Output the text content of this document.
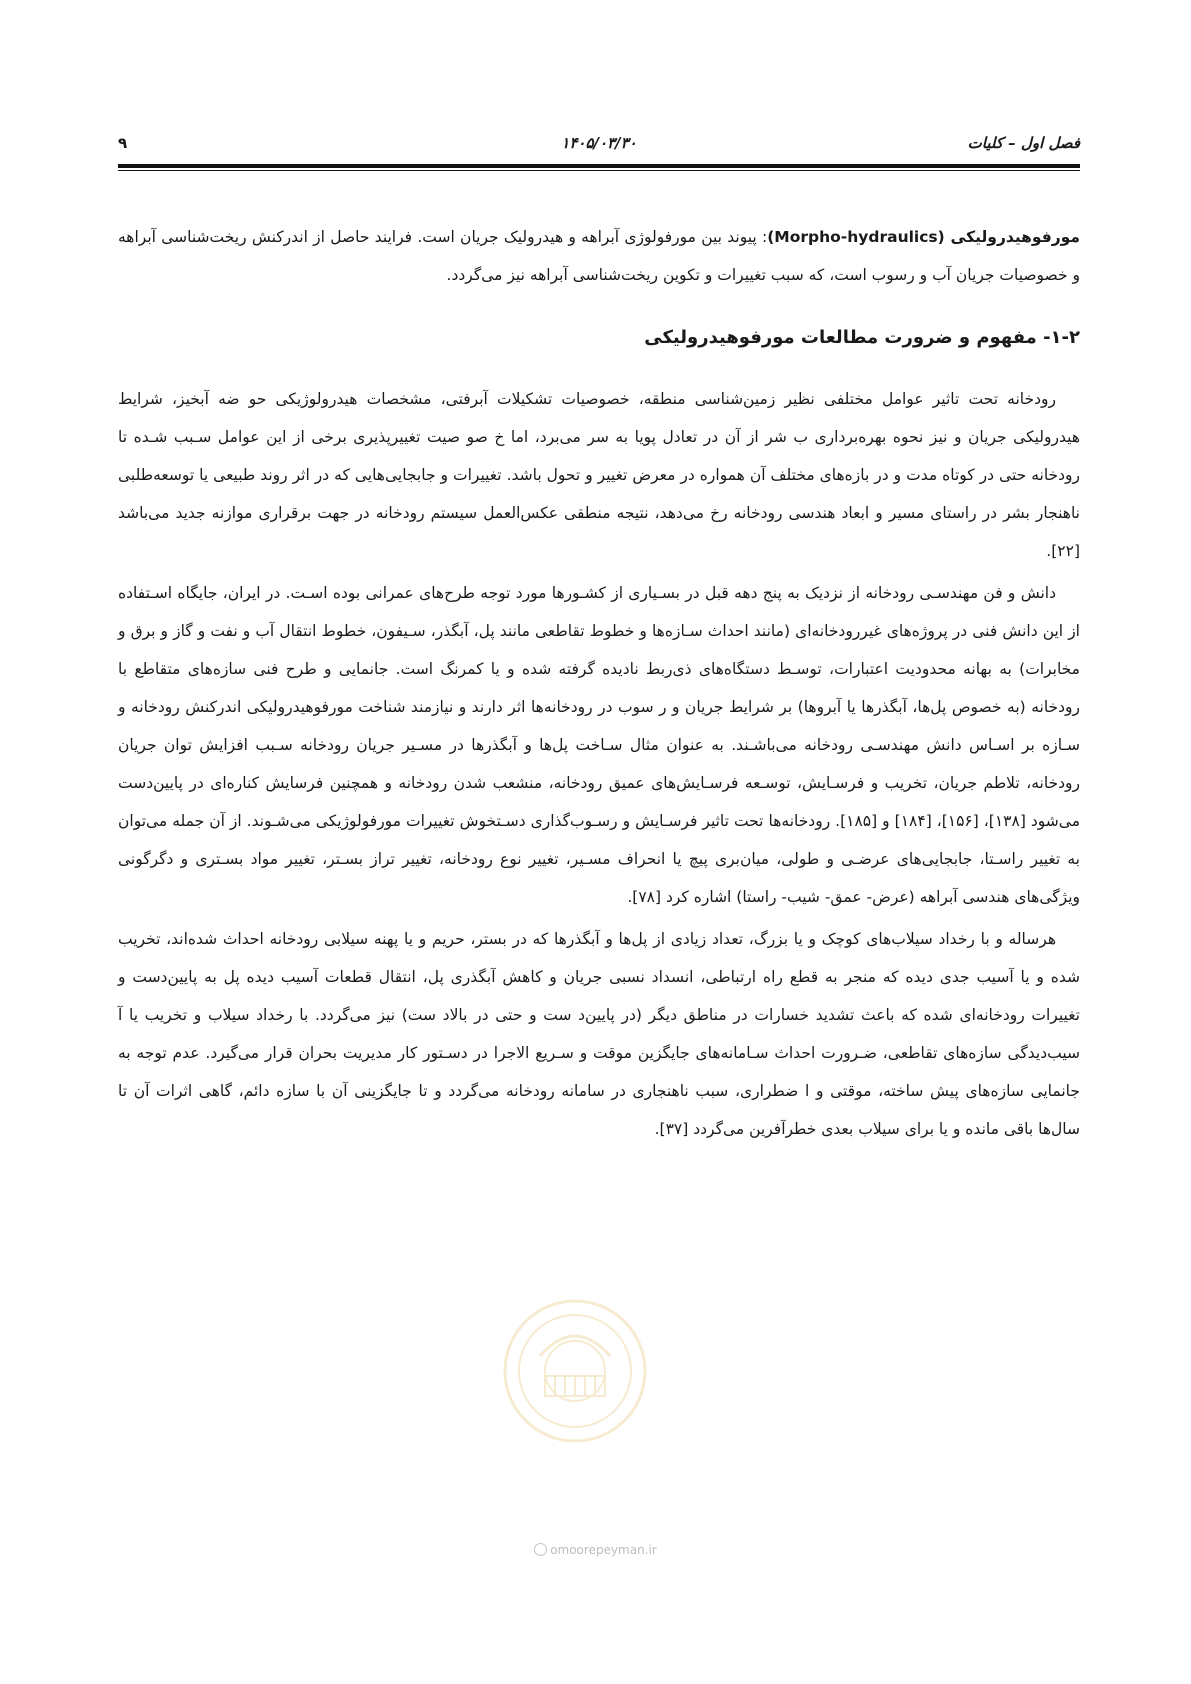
فصل اول – کلیات
۱۴۰۵/۰۳/۳۰
۹

مورفوهیدرولیکی (Morpho-hydraulics): پیوند بین مورفولوژی آبراهه و هیدرولیک جریان است. فرایند حاصل از اندرکنش ریخت‌شناسی آبراهه و خصوصیات جریان آب و رسوب است، که سبب تغییرات و تکوین ریخت‌شناسی آبراهه نیز می‌گردد.

۱-۲- مفهوم و ضرورت مطالعات مورفوهیدرولیکی

رودخانه تحت تاثیر عوامل مختلفی نظیر زمین‌شناسی منطقه، خصوصیات تشکیلات آبرفتی، مشخصات هیدرولوژیکی حو ضه آبخیز، شرایط هیدرولیکی جریان و نیز نحوه بهره‌برداری ب شر از آن در تعادل پویا به سر می‌برد، اما خ صو صیت تغییرپذیری برخی از این عوامل سـبب شـده تا رودخانه حتی در کوتاه مدت و در بازه‌های مختلف آن همواره در معرض تغییر و تحول باشد. تغییرات و جابجایی‌هایی که در اثر روند طبیعی یا توسعه‌طلبی ناهنجار بشر در راستای مسیر و ابعاد هندسی رودخانه رخ می‌دهد، نتیجه منطقی عکس‌العمل سیستم رودخانه در جهت برقراری موازنه جدید می‌باشد [۲۲].

دانش و فن مهندسـی رودخانه از نزدیک به پنج دهه قبل در بسـیاری از کشـورها مورد توجه طرح‌های عمرانی بوده اسـت. در ایران، جایگاه اسـتفاده از این دانش فنی در پروژه‌های غیررودخانه‌ای (مانند احداث سـازه‌ها و خطوط تقاطعی مانند پل، آبگذر، سـیفون، خطوط انتقال آب و نفت و گاز و برق و مخابرات) به بهانه محدودیت اعتبارات، توسـط دستگاه‌های ذی‌ربط نادیده گرفته شده و یا کمرنگ است. جانمایی و طرح فنی سازه‌های متقاطع با رودخانه (به خصوص پل‌ها، آبگذرها یا آبروها) بر شرایط جریان و ر سوب در رودخانه‌ها اثر دارند و نیازمند شناخت مورفوهیدرولیکی اندرکنش رودخانه و سـازه بر اسـاس دانش مهندسـی رودخانه می‌باشـند. به عنوان مثال سـاخت پل‌ها و آبگذرها در مسـیر جریان رودخانه سـبب افزایش توان جریان رودخانه، تلاطم جریان، تخریب و فرسـایش، توسـعه فرسـایش‌های عمیق رودخانه، منشعب شدن رودخانه و همچنین فرسایش کناره‌ای در پایین‌دست می‌شود [۱۳۸]، [۱۵۶]، [۱۸۴] و [۱۸۵]. رودخانه‌ها تحت تاثیر فرسـایش و رسـوب‌گذاری دسـتخوش تغییرات مورفولوژیکی می‌شـوند. از آن جمله می‌توان به تغییر راسـتا، جابجایی‌های عرضـی و طولی، میان‌بری پیچ یا انحراف مسـیر، تغییر نوع رودخانه، تغییر تراز بسـتر، تغییر مواد بسـتری و دگرگونی ویژگی‌های هندسی آبراهه (عرض- عمق- شیب- راستا) اشاره کرد [۷۸].

هرساله و با رخداد سیلاب‌های کوچک و یا بزرگ، تعداد زیادی از پل‌ها و آبگذرها که در بستر، حریم و یا پهنه سیلابی رودخانه احداث شده‌اند، تخریب شده و یا آسیب جدی دیده که منجر به قطع راه ارتباطی، انسداد نسبی جریان و کاهش آبگذری پل، انتقال قطعات آسیب دیده پل به پایین‌دست و تغییرات رودخانه‌ای شده که باعث تشدید خسارات در مناطق دیگر (در پایین‌د ست و حتی در بالاد ست) نیز می‌گردد. با رخداد سیلاب و تخریب یا آ سیب‌دیدگی سازه‌های تقاطعی، ضـرورت احداث سـامانه‌های جایگزین موقت و سـریع الاجرا در دسـتور کار مدیریت بحران قرار می‌گیرد. عدم توجه به جانمایی سازه‌های پیش ساخته، موقتی و ا ضطراری، سبب ناهنجاری در سامانه رودخانه می‌گردد و تا جایگزینی آن با سازه دائم، گاهی اثرات آن تا سال‌ها باقی مانده و یا برای سیلاب بعدی خطرآفرین می‌گردد [۳۷].

omoorepeyman.ir
